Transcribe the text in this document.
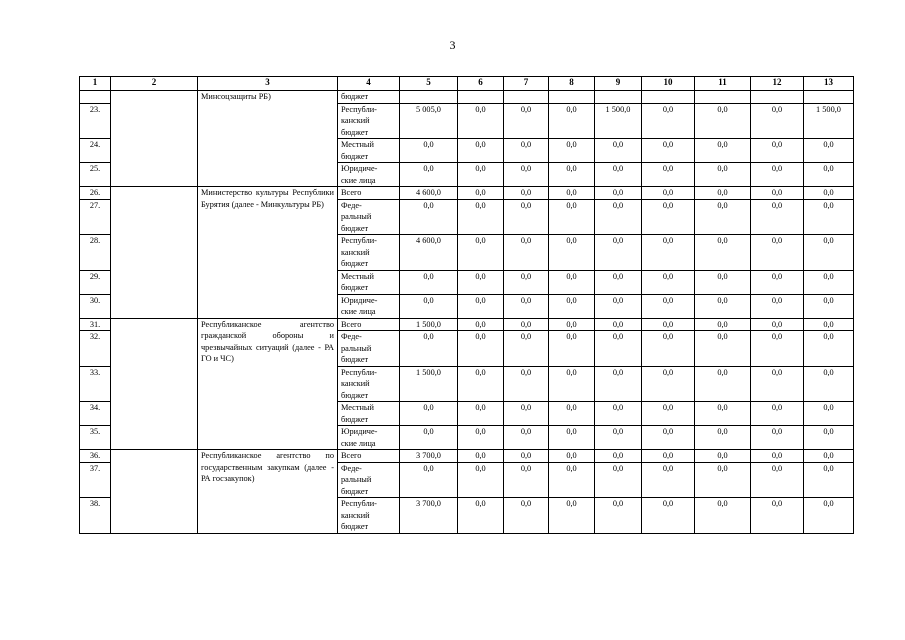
3
1	2	3	4	5	6	7	8	9	10	11	12	13
		Минсоцзащиты РБ)	бюджет									
23.			Республи-
канский
бюджет	5 005,0	0,0	0,0	0,0	1 500,0	0,0	0,0	0,0	1 500,0
24.			Местный
бюджет	0,0	0,0	0,0	0,0	0,0	0,0	0,0	0,0	0,0
25.			Юридиче-
ские лица	0,0	0,0	0,0	0,0	0,0	0,0	0,0	0,0	0,0
26.		Министерство культуры Республики Бурятия (далее - Минкультуры РБ)	Всего	4 600,0	0,0	0,0	0,0	0,0	0,0	0,0	0,0	0,0
27.			Феде-
ральный
бюджет	0,0	0,0	0,0	0,0	0,0	0,0	0,0	0,0	0,0
28.			Республи-
канский
бюджет	4 600,0	0,0	0,0	0,0	0,0	0,0	0,0	0,0	0,0
29.			Местный
бюджет	0,0	0,0	0,0	0,0	0,0	0,0	0,0	0,0	0,0
30.			Юридиче-
ские лица	0,0	0,0	0,0	0,0	0,0	0,0	0,0	0,0	0,0
31.		Республиканское агентство гражданской обороны и чрезвычайных ситуаций (далее - РА ГО и ЧС)	Всего	1 500,0	0,0	0,0	0,0	0,0	0,0	0,0	0,0	0,0
32.			Феде-
ральный
бюджет	0,0	0,0	0,0	0,0	0,0	0,0	0,0	0,0	0,0
33.			Республи-
канский
бюджет	1 500,0	0,0	0,0	0,0	0,0	0,0	0,0	0,0	0,0
34.			Местный
бюджет	0,0	0,0	0,0	0,0	0,0	0,0	0,0	0,0	0,0
35.			Юридиче-
ские лица	0,0	0,0	0,0	0,0	0,0	0,0	0,0	0,0	0,0
36.		Республиканское агентство по государственным закупкам (далее - РА госзакупок)	Всего	3 700,0	0,0	0,0	0,0	0,0	0,0	0,0	0,0	0,0
37.			Феде-
ральный
бюджет	0,0	0,0	0,0	0,0	0,0	0,0	0,0	0,0	0,0
38.			Республи-
канский
бюджет	3 700,0	0,0	0,0	0,0	0,0	0,0	0,0	0,0	0,0
